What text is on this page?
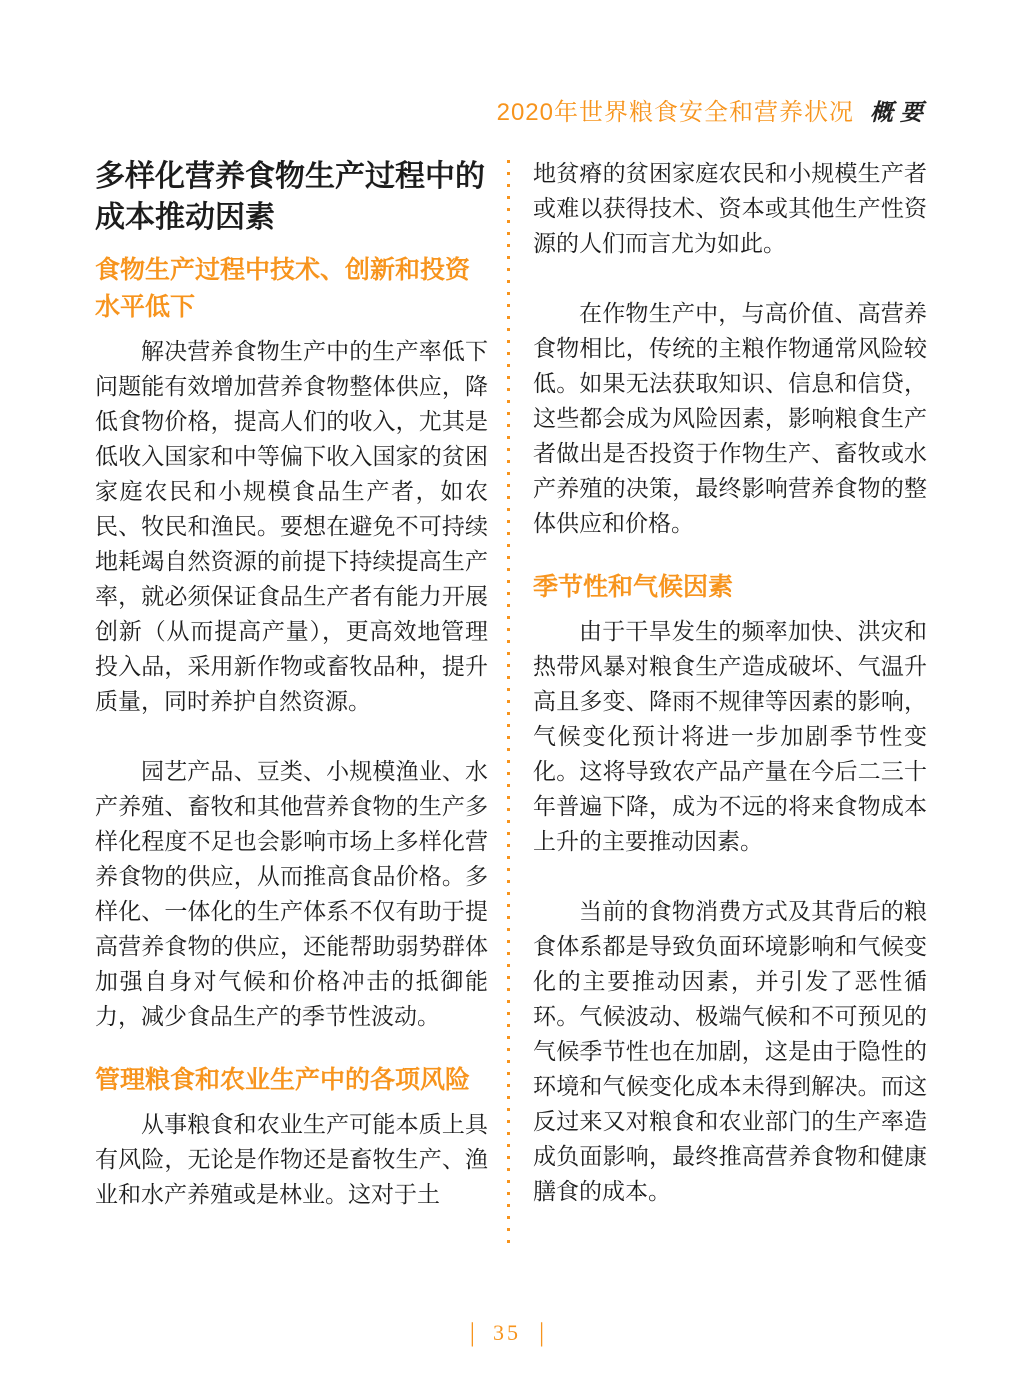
2020年世界粮食安全和营养状况 概要
多样化营养食物生产过程中的成本推动因素
食物生产过程中技术、创新和投资水平低下

解决营养食物生产中的生产率低下问题能有效增加营养食物整体供应，降低食物价格，提高人们的收入，尤其是低收入国家和中等偏下收入国家的贫困家庭农民和小规模食品生产者，如农民、牧民和渔民。要想在避免不可持续地耗竭自然资源的前提下持续提高生产率，就必须保证食品生产者有能力开展创新（从而提高产量），更高效地管理投入品，采用新作物或畜牧品种，提升质量，同时养护自然资源。

园艺产品、豆类、小规模渔业、水产养殖、畜牧和其他营养食物的生产多样化程度不足也会影响市场上多样化营养食物的供应，从而推高食品价格。多样化、一体化的生产体系不仅有助于提高营养食物的供应，还能帮助弱势群体加强自身对气候和价格冲击的抵御能力，减少食品生产的季节性波动。

管理粮食和农业生产中的各项风险

从事粮食和农业生产可能本质上具有风险，无论是作物还是畜牧生产、渔业和水产养殖或是林业。这对于土

地贫瘠的贫困家庭农民和小规模生产者或难以获得技术、资本或其他生产性资源的人们而言尤为如此。

在作物生产中，与高价值、高营养食物相比，传统的主粮作物通常风险较低。如果无法获取知识、信息和信贷，这些都会成为风险因素，影响粮食生产者做出是否投资于作物生产、畜牧或水产养殖的决策，最终影响营养食物的整体供应和价格。

季节性和气候因素

由于干旱发生的频率加快、洪灾和热带风暴对粮食生产造成破坏、气温升高且多变、降雨不规律等因素的影响，气候变化预计将进一步加剧季节性变化。这将导致农产品产量在今后二三十年普遍下降，成为不远的将来食物成本上升的主要推动因素。

当前的食物消费方式及其背后的粮食体系都是导致负面环境影响和气候变化的主要推动因素，并引发了恶性循环。气候波动、极端气候和不可预见的气候季节性也在加剧，这是由于隐性的环境和气候变化成本未得到解决。而这反过来又对粮食和农业部门的生产率造成负面影响，最终推高营养食物和健康膳食的成本。

| 35 |
